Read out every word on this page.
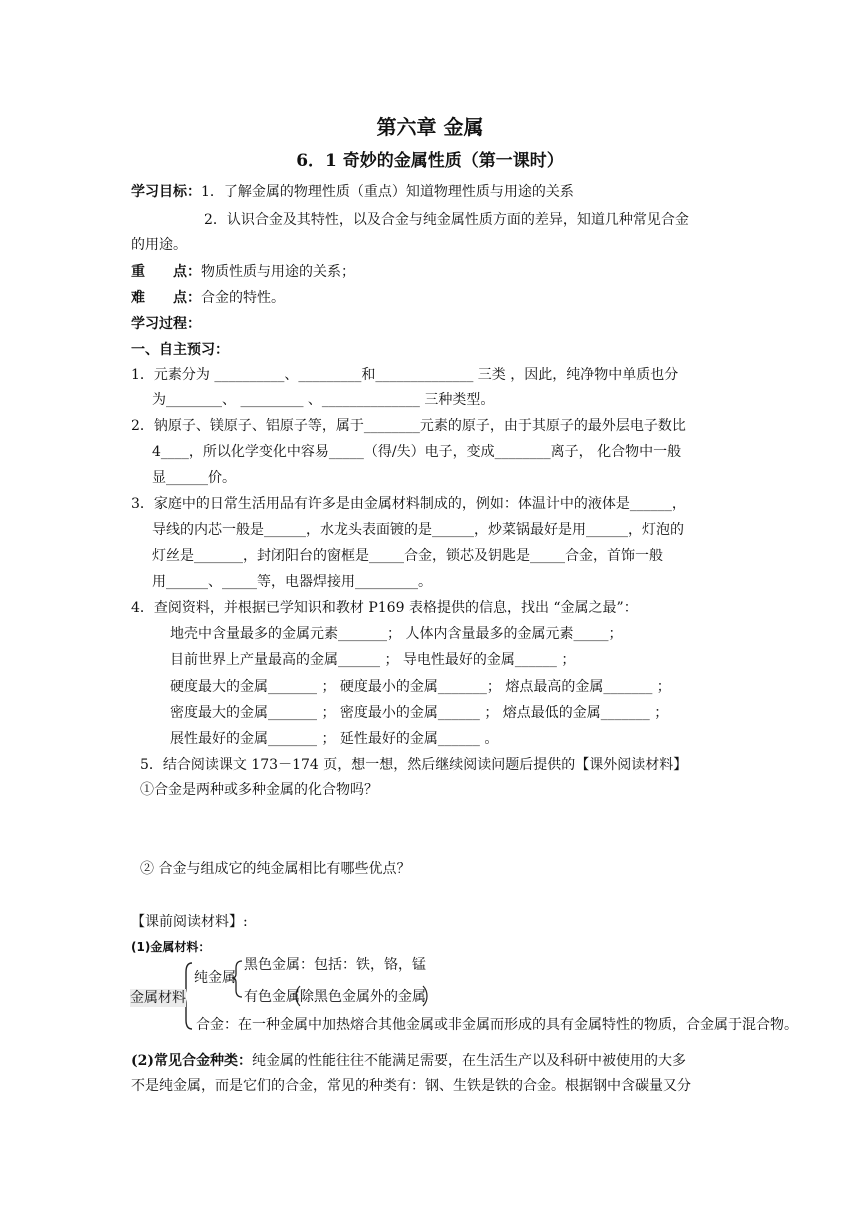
第六章 金属
6．1 奇妙的金属性质（第一课时）
学习目标：1．了解金属的物理性质（重点）知道物理性质与用途的关系
2．认识合金及其特性，以及合金与纯金属性质方面的差异，知道几种常见合金
的用途。
重　　点：物质性质与用途的关系；
难　　点：合金的特性。
学习过程：
一、自主预习：
1．元素分为 __________、_________和______________ 三类 ，因此，纯净物中单质也分
为________、 _________ 、______________ 三种类型。
2．钠原子、镁原子、铝原子等，属于________元素的原子，由于其原子的最外层电子数比
4____，所以化学变化中容易_____（得/失）电子，变成________离子， 化合物中一般
显______价。
3．家庭中的日常生活用品有许多是由金属材料制成的，例如：体温计中的液体是______，
导线的内芯一般是______，水龙头表面镀的是______，炒菜锅最好是用______，灯泡的
灯丝是_______，封闭阳台的窗框是_____合金，锁芯及钥匙是_____合金，首饰一般
用______、_____等，电器焊接用_________。
4．查阅资料，并根据已学知识和教材 P169 表格提供的信息，找出 “金属之最”：
地壳中含量最多的金属元素_______； 人体内含量最多的金属元素_____；
目前世界上产量最高的金属______ ； 导电性最好的金属______ ；
硬度最大的金属_______ ； 硬度最小的金属_______； 熔点最高的金属_______ ；
密度最大的金属_______ ； 密度最小的金属______ ； 熔点最低的金属_______ ；
展性最好的金属_______ ； 延性最好的金属______ 。
5．结合阅读课文 173－174 页，想一想，然后继续阅读问题后提供的【课外阅读材料】
①合金是两种或多种金属的化合物吗？
② 合金与组成它的纯金属相比有哪些优点？
【课前阅读材料】:
(1)金属材料：
金属材料
纯金属
黑色金属：包括：铁，铬，锰
有色金属 除黑色金属外的金属
合金：在一种金属中加热熔合其他金属或非金属而形成的具有金属特性的物质，合金属于混合物。
(2)常见合金种类：纯金属的性能往往不能满足需要，在生活生产以及科研中被使用的大多
不是纯金属，而是它们的合金，常见的种类有：钢、生铁是铁的合金。根据钢中含碳量又分
